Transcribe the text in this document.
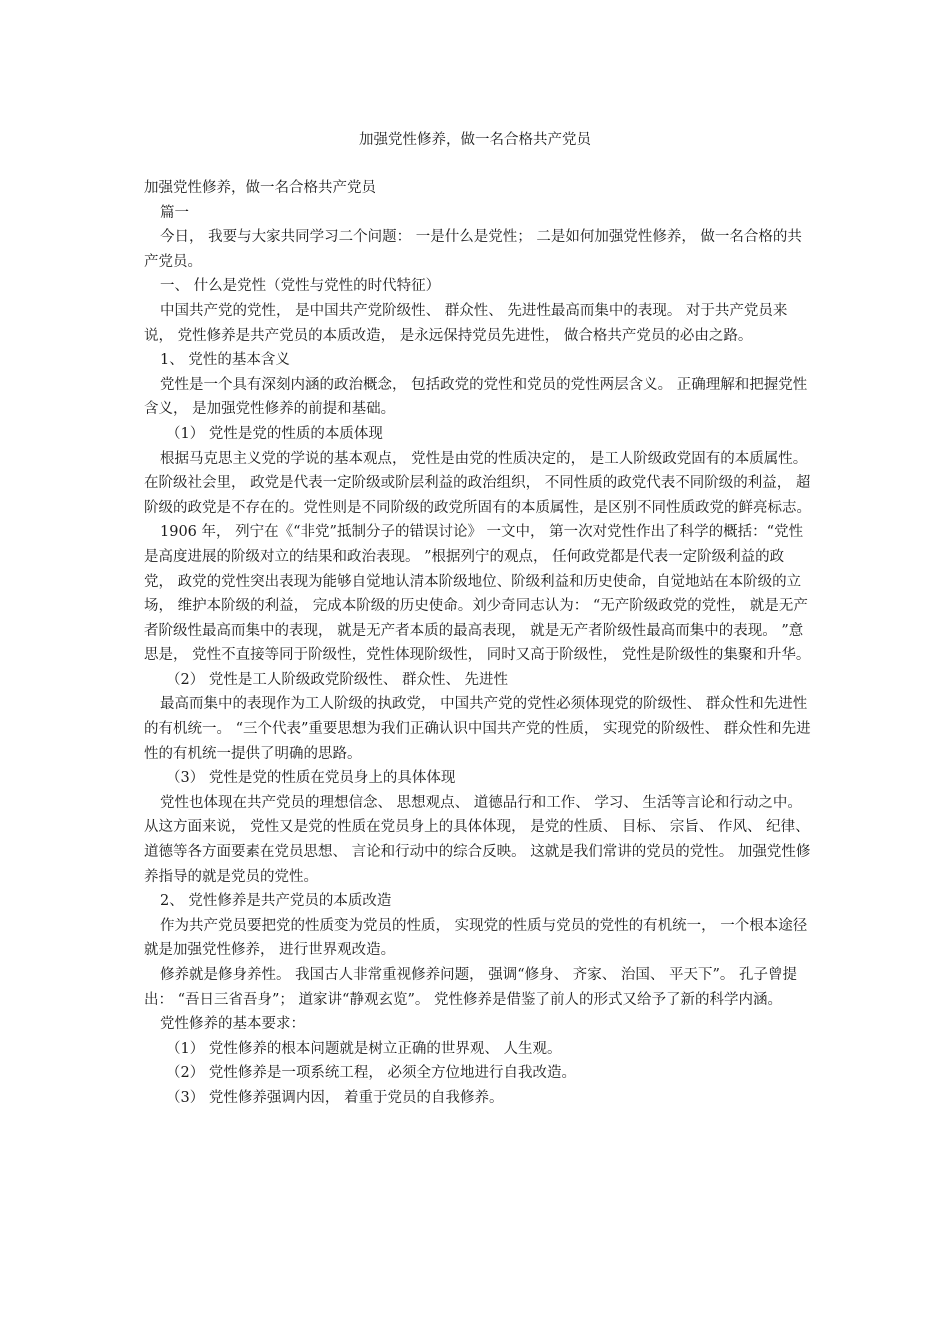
加强党性修养，做一名合格共产党员

加强党性修养，做一名合格共产党员

篇一

今日， 我要与大家共同学习二个问题： 一是什么是党性； 二是如何加强党性修养， 做一名合格的共产党员。

一、 什么是党性（党性与党性的时代特征）

中国共产党的党性， 是中国共产党阶级性、 群众性、 先进性最高而集中的表现。 对于共产党员来说， 党性修养是共产党员的本质改造， 是永远保持党员先进性， 做合格共产党员的必由之路。

1、 党性的基本含义

党性是一个具有深刻内涵的政治概念， 包括政党的党性和党员的党性两层含义。 正确理解和把握党性含义， 是加强党性修养的前提和基础。

（1） 党性是党的性质的本质体现

根据马克思主义党的学说的基本观点， 党性是由党的性质决定的， 是工人阶级政党固有的本质属性。 在阶级社会里， 政党是代表一定阶级或阶层利益的政治组织， 不同性质的政党代表不同阶级的利益， 超阶级的政党是不存在的。党性则是不同阶级的政党所固有的本质属性，是区别不同性质政党的鲜亮标志。

1906 年， 列宁在《“非党”抵制分子的错误讨论》 一文中， 第一次对党性作出了科学的概括：“党性是高度进展的阶级对立的结果和政治表现。 ”根据列宁的观点， 任何政党都是代表一定阶级利益的政党， 政党的党性突出表现为能够自觉地认清本阶级地位、阶级利益和历史使命，自觉地站在本阶级的立场， 维护本阶级的利益， 完成本阶级的历史使命。刘少奇同志认为： “无产阶级政党的党性， 就是无产者阶级性最高而集中的表现， 就是无产者本质的最高表现， 就是无产者阶级性最高而集中的表现。 ”意思是， 党性不直接等同于阶级性，党性体现阶级性， 同时又高于阶级性， 党性是阶级性的集聚和升华。

（2） 党性是工人阶级政党阶级性、 群众性、 先进性

最高而集中的表现作为工人阶级的执政党， 中国共产党的党性必须体现党的阶级性、 群众性和先进性的有机统一。 “三个代表”重要思想为我们正确认识中国共产党的性质， 实现党的阶级性、 群众性和先进性的有机统一提供了明确的思路。

（3） 党性是党的性质在党员身上的具体体现

党性也体现在共产党员的理想信念、 思想观点、 道德品行和工作、 学习、 生活等言论和行动之中。 从这方面来说， 党性又是党的性质在党员身上的具体体现， 是党的性质、 目标、 宗旨、 作风、 纪律、 道德等各方面要素在党员思想、 言论和行动中的综合反映。 这就是我们常讲的党员的党性。 加强党性修养指导的就是党员的党性。

2、 党性修养是共产党员的本质改造

作为共产党员要把党的性质变为党员的性质， 实现党的性质与党员的党性的有机统一， 一个根本途径就是加强党性修养， 进行世界观改造。

修养就是修身养性。 我国古人非常重视修养问题， 强调“修身、 齐家、 治国、 平天下”。 孔子曾提出： “吾日三省吾身”； 道家讲“静观玄览”。 党性修养是借鉴了前人的形式又给予了新的科学内涵。

党性修养的基本要求：

（1） 党性修养的根本问题就是树立正确的世界观、 人生观。

（2） 党性修养是一项系统工程， 必须全方位地进行自我改造。

（3） 党性修养强调内因， 着重于党员的自我修养。
